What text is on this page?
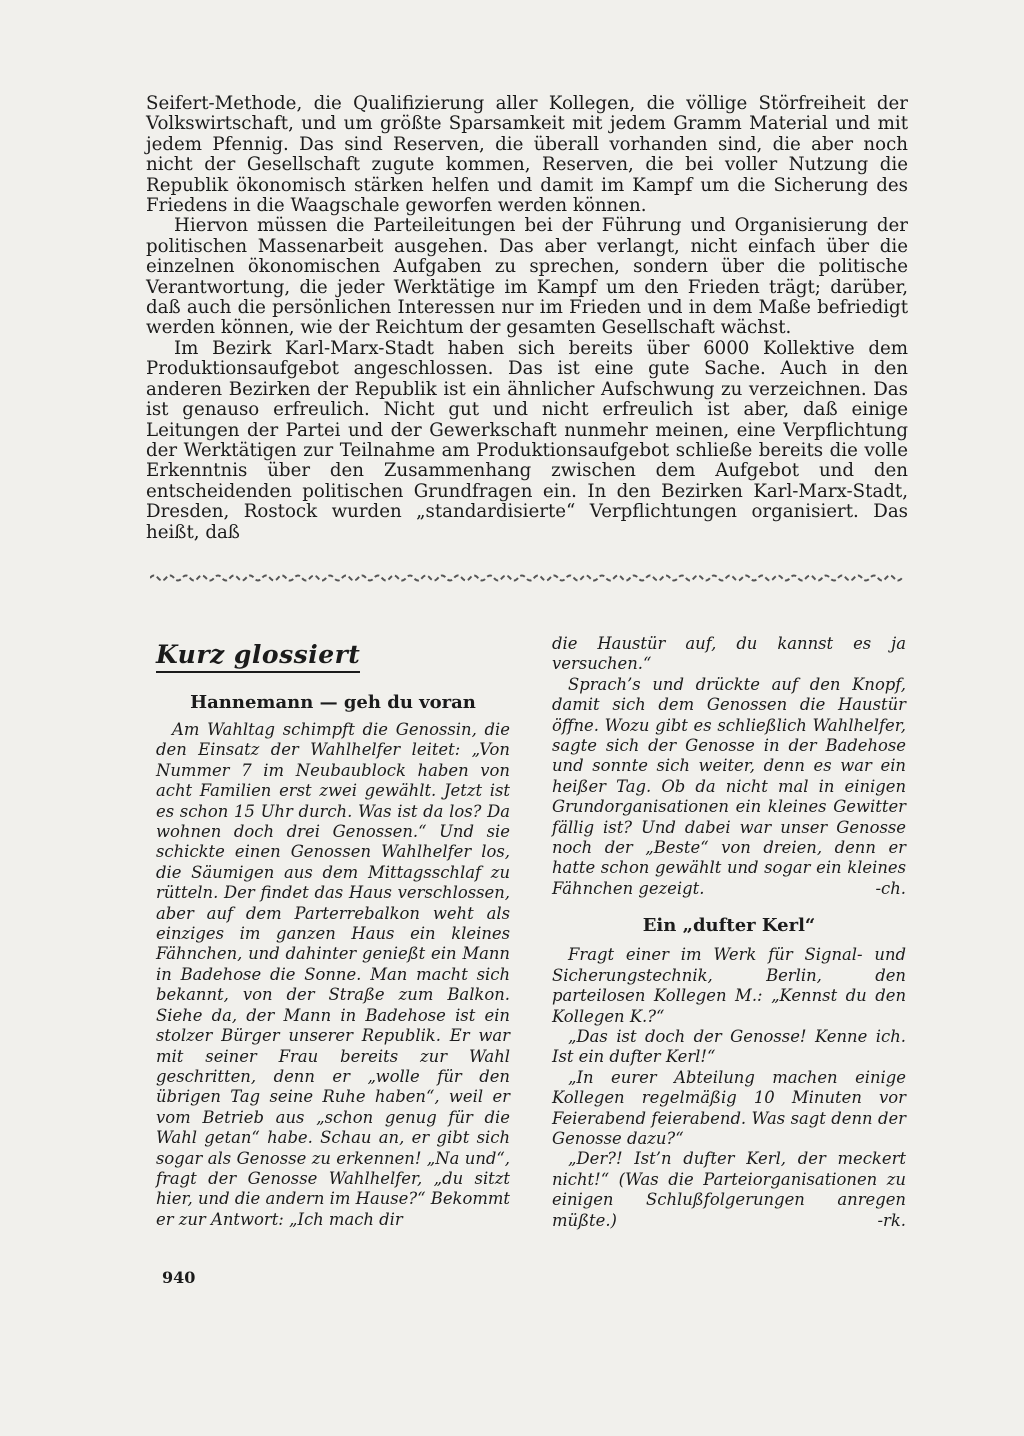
Seifert-Methode, die Qualifizierung aller Kollegen, die völlige Störfreiheit der Volkswirtschaft, und um größte Sparsamkeit mit jedem Gramm Material und mit jedem Pfennig. Das sind Reserven, die überall vorhanden sind, die aber noch nicht der Gesellschaft zugute kommen, Reserven, die bei voller Nutzung die Republik ökonomisch stärken helfen und damit im Kampf um die Sicherung des Friedens in die Waagschale geworfen werden können.

Hiervon müssen die Parteileitungen bei der Führung und Organisierung der politischen Massenarbeit ausgehen. Das aber verlangt, nicht einfach über die einzelnen ökonomischen Aufgaben zu sprechen, sondern über die politische Verantwortung, die jeder Werktätige im Kampf um den Frieden trägt; darüber, daß auch die persönlichen Interessen nur im Frieden und in dem Maße befriedigt werden können, wie der Reichtum der gesamten Gesellschaft wächst.

Im Bezirk Karl-Marx-Stadt haben sich bereits über 6000 Kollektive dem Produktionsaufgebot angeschlossen. Das ist eine gute Sache. Auch in den anderen Bezirken der Republik ist ein ähnlicher Aufschwung zu verzeichnen. Das ist genauso erfreulich. Nicht gut und nicht erfreulich ist aber, daß einige Leitungen der Partei und der Gewerkschaft nunmehr meinen, eine Verpflichtung der Werktätigen zur Teilnahme am Produktionsaufgebot schließe bereits die volle Erkenntnis über den Zusammenhang zwischen dem Aufgebot und den entscheidenden politischen Grundfragen ein. In den Bezirken Karl-Marx-Stadt, Dresden, Rostock wurden „standardisierte“ Verpflichtungen organisiert. Das heißt, daß

Kurz glossiert
Hannemann — geh du voran

Am Wahltag schimpft die Genossin, die den Einsatz der Wahlhelfer leitet: „Von Nummer 7 im Neubaublock haben von acht Familien erst zwei gewählt. Jetzt ist es schon 15 Uhr durch. Was ist da los? Da wohnen doch drei Genossen.“ Und sie schickte einen Genossen Wahlhelfer los, die Säumigen aus dem Mittagsschlaf zu rütteln. Der findet das Haus verschlossen, aber auf dem Parterrebalkon weht als einziges im ganzen Haus ein kleines Fähnchen, und dahinter genießt ein Mann in Badehose die Sonne. Man macht sich bekannt, von der Straße zum Balkon. Siehe da, der Mann in Badehose ist ein stolzer Bürger unserer Republik. Er war mit seiner Frau bereits zur Wahl geschritten, denn er „wolle für den übrigen Tag seine Ruhe haben“, weil er vom Betrieb aus „schon genug für die Wahl getan“ habe. Schau an, er gibt sich sogar als Genosse zu erkennen! „Na und“, fragt der Genosse Wahlhelfer, „du sitzt hier, und die andern im Hause?“ Bekommt er zur Antwort: „Ich mach dir

die Haustür auf, du kannst es ja versuchen.“

Sprach’s und drückte auf den Knopf, damit sich dem Genossen die Haustür öffne. Wozu gibt es schließlich Wahlhelfer, sagte sich der Genosse in der Badehose und sonnte sich weiter, denn es war ein heißer Tag. Ob da nicht mal in einigen Grundorganisationen ein kleines Gewitter fällig ist? Und dabei war unser Genosse noch der „Beste“ von dreien, denn er hatte schon gewählt und sogar ein kleines Fähnchen gezeigt.	-ch.

Ein „dufter Kerl“

Fragt einer im Werk für Signal- und Sicherungstechnik, Berlin, den parteilosen Kollegen M.: „Kennst du den Kollegen K.?“

„Das ist doch der Genosse! Kenne ich. Ist ein dufter Kerl!“

„In eurer Abteilung machen einige Kollegen regelmäßig 10 Minuten vor Feierabend feierabend. Was sagt denn der Genosse dazu?“

„Der?! Ist’n dufter Kerl, der meckert nicht!“ (Was die Parteiorganisationen zu einigen Schlußfolgerungen anregen müßte.)	-rk.

940
